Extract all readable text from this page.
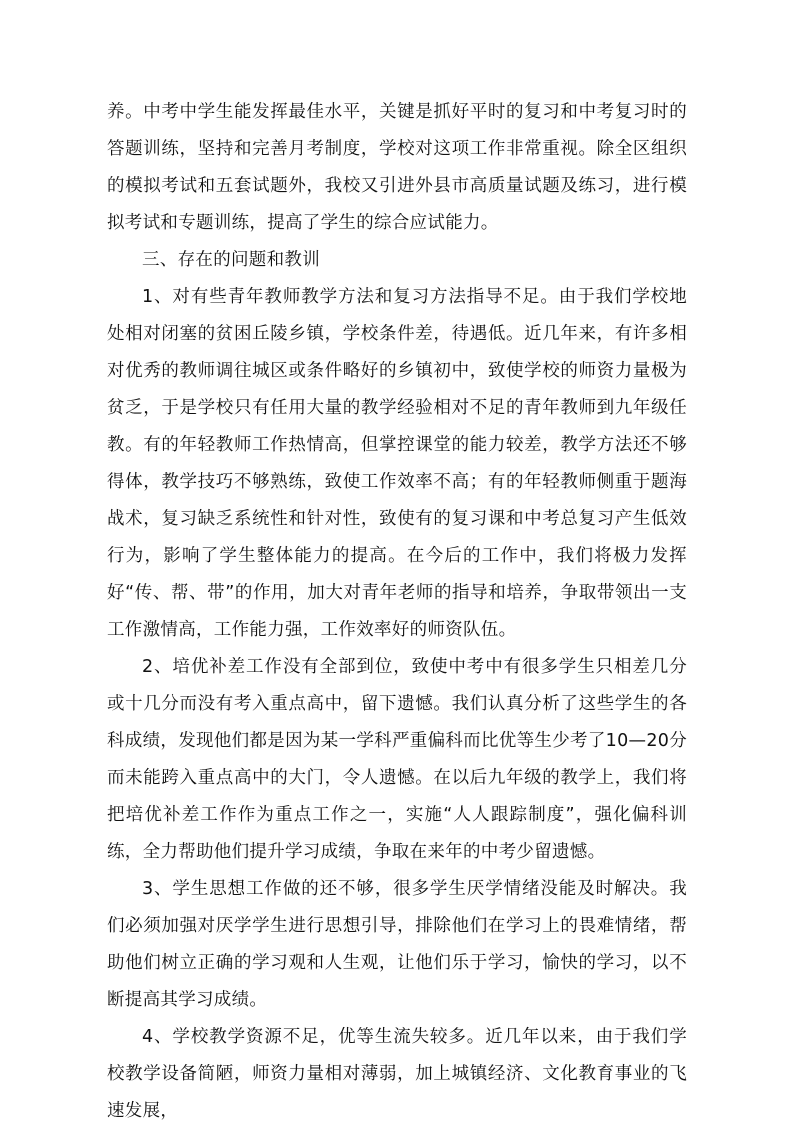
养。中考中学生能发挥最佳水平，关键是抓好平时的复习和中考复习时的答题训练，坚持和完善月考制度，学校对这项工作非常重视。除全区组织的模拟考试和五套试题外，我校又引进外县市高质量试题及练习，进行模拟考试和专题训练，提高了学生的综合应试能力。

三、存在的问题和教训

1、对有些青年教师教学方法和复习方法指导不足。由于我们学校地处相对闭塞的贫困丘陵乡镇，学校条件差，待遇低。近几年来，有许多相对优秀的教师调往城区或条件略好的乡镇初中，致使学校的师资力量极为贫乏，于是学校只有任用大量的教学经验相对不足的青年教师到九年级任教。有的年轻教师工作热情高，但掌控课堂的能力较差，教学方法还不够得体，教学技巧不够熟练，致使工作效率不高；有的年轻教师侧重于题海战术，复习缺乏系统性和针对性，致使有的复习课和中考总复习产生低效行为，影响了学生整体能力的提高。在今后的工作中，我们将极力发挥好“传、帮、带”的作用，加大对青年老师的指导和培养，争取带领出一支工作激情高，工作能力强，工作效率好的师资队伍。

2、培优补差工作没有全部到位，致使中考中有很多学生只相差几分或十几分而没有考入重点高中，留下遗憾。我们认真分析了这些学生的各科成绩，发现他们都是因为某一学科严重偏科而比优等生少考了10—20分而未能跨入重点高中的大门，令人遗憾。在以后九年级的教学上，我们将把培优补差工作作为重点工作之一，实施“人人跟踪制度”，强化偏科训练，全力帮助他们提升学习成绩，争取在来年的中考少留遗憾。

3、学生思想工作做的还不够，很多学生厌学情绪没能及时解决。我们必须加强对厌学学生进行思想引导，排除他们在学习上的畏难情绪，帮助他们树立正确的学习观和人生观，让他们乐于学习，愉快的学习，以不断提高其学习成绩。

4、学校教学资源不足，优等生流失较多。近几年以来，由于我们学校教学设备简陋，师资力量相对薄弱，加上城镇经济、文化教育事业的飞速发展，
